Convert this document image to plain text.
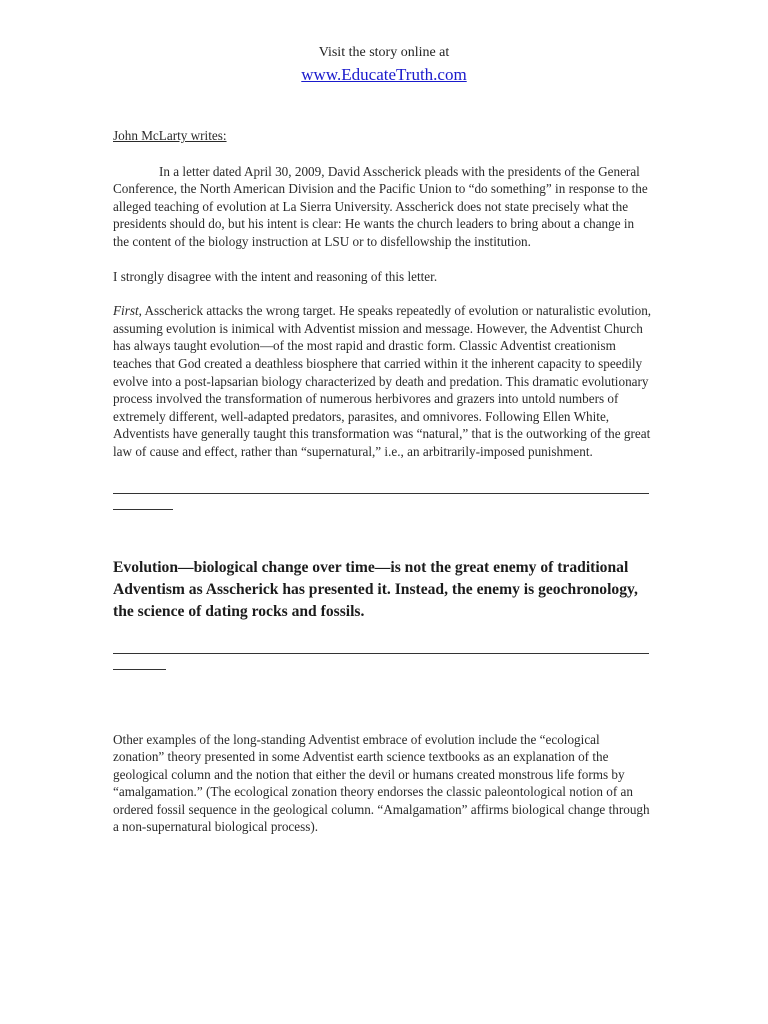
Visit the story online at
www.EducateTruth.com
John McLarty writes:

In a letter dated April 30, 2009, David Asscherick pleads with the presidents of the General Conference, the North American Division and the Pacific Union to “do something” in response to the alleged teaching of evolution at La Sierra University. Asscherick does not state precisely what the presidents should do, but his intent is clear: He wants the church leaders to bring about a change in the content of the biology instruction at LSU or to disfellowship the institution.

I strongly disagree with the intent and reasoning of this letter.

First, Asscherick attacks the wrong target. He speaks repeatedly of evolution or naturalistic evolution, assuming evolution is inimical with Adventist mission and message. However, the Adventist Church has always taught evolution—of the most rapid and drastic form. Classic Adventist creationism teaches that God created a deathless biosphere that carried within it the inherent capacity to speedily evolve into a post-lapsarian biology characterized by death and predation. This dramatic evolutionary process involved the transformation of numerous herbivores and grazers into untold numbers of extremely different, well-adapted predators, parasites, and omnivores. Following Ellen White, Adventists have generally taught this transformation was “natural,” that is the outworking of the great law of cause and effect, rather than “supernatural,” i.e., an arbitrarily-imposed punishment.

Evolution—biological change over time—is not the great enemy of traditional Adventism as Asscherick has presented it. Instead, the enemy is geochronology, the science of dating rocks and fossils.

Other examples of the long-standing Adventist embrace of evolution include the “ecological zonation” theory presented in some Adventist earth science textbooks as an explanation of the geological column and the notion that either the devil or humans created monstrous life forms by “amalgamation.” (The ecological zonation theory endorses the classic paleontological notion of an ordered fossil sequence in the geological column. “Amalgamation” affirms biological change through a non-supernatural biological process).
